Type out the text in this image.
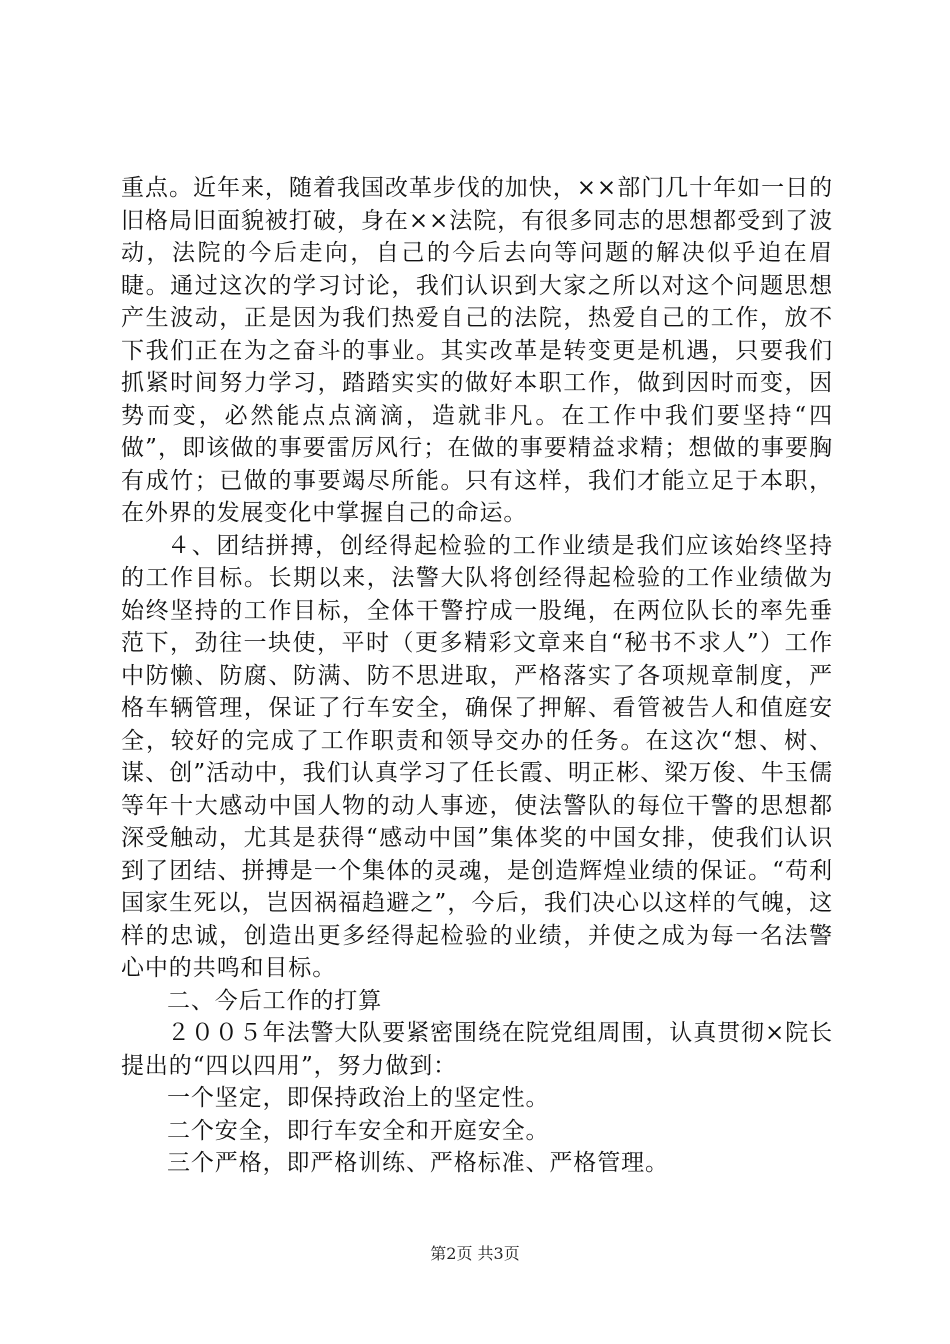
重点。近年来，随着我国改革步伐的加快，××部门几十年如一日的旧格局旧面貌被打破，身在××法院，有很多同志的思想都受到了波动，法院的今后走向，自己的今后去向等问题的解决似乎迫在眉睫。通过这次的学习讨论，我们认识到大家之所以对这个问题思想产生波动，正是因为我们热爱自己的法院，热爱自己的工作，放不下我们正在为之奋斗的事业。其实改革是转变更是机遇，只要我们抓紧时间努力学习，踏踏实实的做好本职工作，做到因时而变，因势而变，必然能点点滴滴，造就非凡。在工作中我们要坚持“四做”，即该做的事要雷厉风行；在做的事要精益求精；想做的事要胸有成竹；已做的事要竭尽所能。只有这样，我们才能立足于本职，在外界的发展变化中掌握自己的命运。

４、团结拼搏，创经得起检验的工作业绩是我们应该始终坚持的工作目标。长期以来，法警大队将创经得起检验的工作业绩做为始终坚持的工作目标，全体干警拧成一股绳，在两位队长的率先垂范下，劲往一块使，平时（更多精彩文章来自“秘书不求人”）工作中防懒、防腐、防满、防不思进取，严格落实了各项规章制度，严格车辆管理，保证了行车安全，确保了押解、看管被告人和值庭安全，较好的完成了工作职责和领导交办的任务。在这次“想、树、谋、创”活动中，我们认真学习了任长霞、明正彬、梁万俊、牛玉儒等年十大感动中国人物的动人事迹，使法警队的每位干警的思想都深受触动，尤其是获得“感动中国”集体奖的中国女排，使我们认识到了团结、拼搏是一个集体的灵魂，是创造辉煌业绩的保证。“苟利国家生死以，岂因祸福趋避之”，今后，我们决心以这样的气魄，这样的忠诚，创造出更多经得起检验的业绩，并使之成为每一名法警心中的共鸣和目标。

二、今后工作的打算

２００５年法警大队要紧密围绕在院党组周围，认真贯彻×院长提出的“四以四用”，努力做到：

一个坚定，即保持政治上的坚定性。

二个安全，即行车安全和开庭安全。

三个严格，即严格训练、严格标准、严格管理。

第2页 共3页
